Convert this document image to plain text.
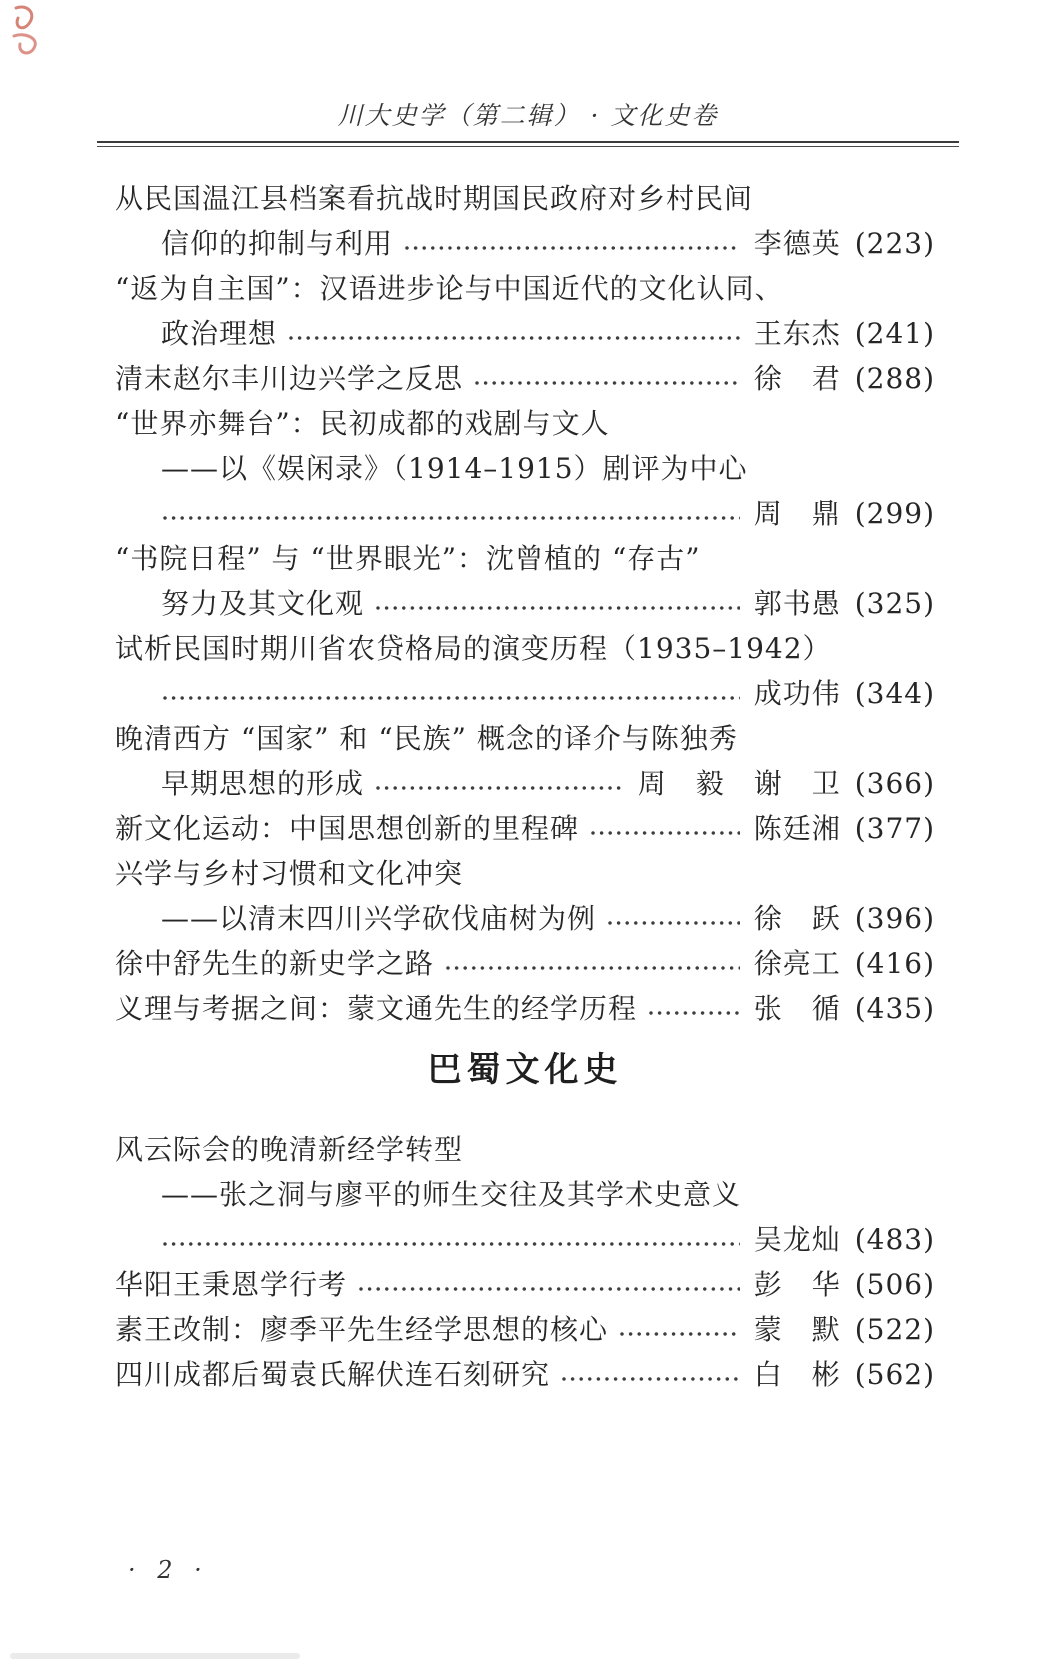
川大史学（第二辑） · 文化史卷
从民国温江县档案看抗战时期国民政府对乡村民间
信仰的抑制与利用	李德英 (223)
“返为自主国”：汉语进步论与中国近代的文化认同、
政治理想	王东杰 (241)
清末赵尔丰川边兴学之反思	徐　君 (288)
“世界亦舞台”：民初成都的戏剧与文人
——以《娱闲录》（1914–1915）剧评为中心
周　鼎 (299)
“书院日程” 与 “世界眼光”：沈曾植的 “存古”
努力及其文化观	郭书愚 (325)
试析民国时期川省农贷格局的演变历程（1935–1942）
成功伟 (344)
晚清西方 “国家” 和 “民族” 概念的译介与陈独秀
早期思想的形成	周　毅　谢　卫 (366)
新文化运动：中国思想创新的里程碑	陈廷湘 (377)
兴学与乡村习惯和文化冲突
——以清末四川兴学砍伐庙树为例	徐　跃 (396)
徐中舒先生的新史学之路	徐亮工 (416)
义理与考据之间：蒙文通先生的经学历程	张　循 (435)
巴蜀文化史
风云际会的晚清新经学转型
——张之洞与廖平的师生交往及其学术史意义
吴龙灿 (483)
华阳王秉恩学行考	彭　华 (506)
素王改制：廖季平先生经学思想的核心	蒙　默 (522)
四川成都后蜀袁氏解伏连石刻研究	白　彬 (562)
· 2 ·
